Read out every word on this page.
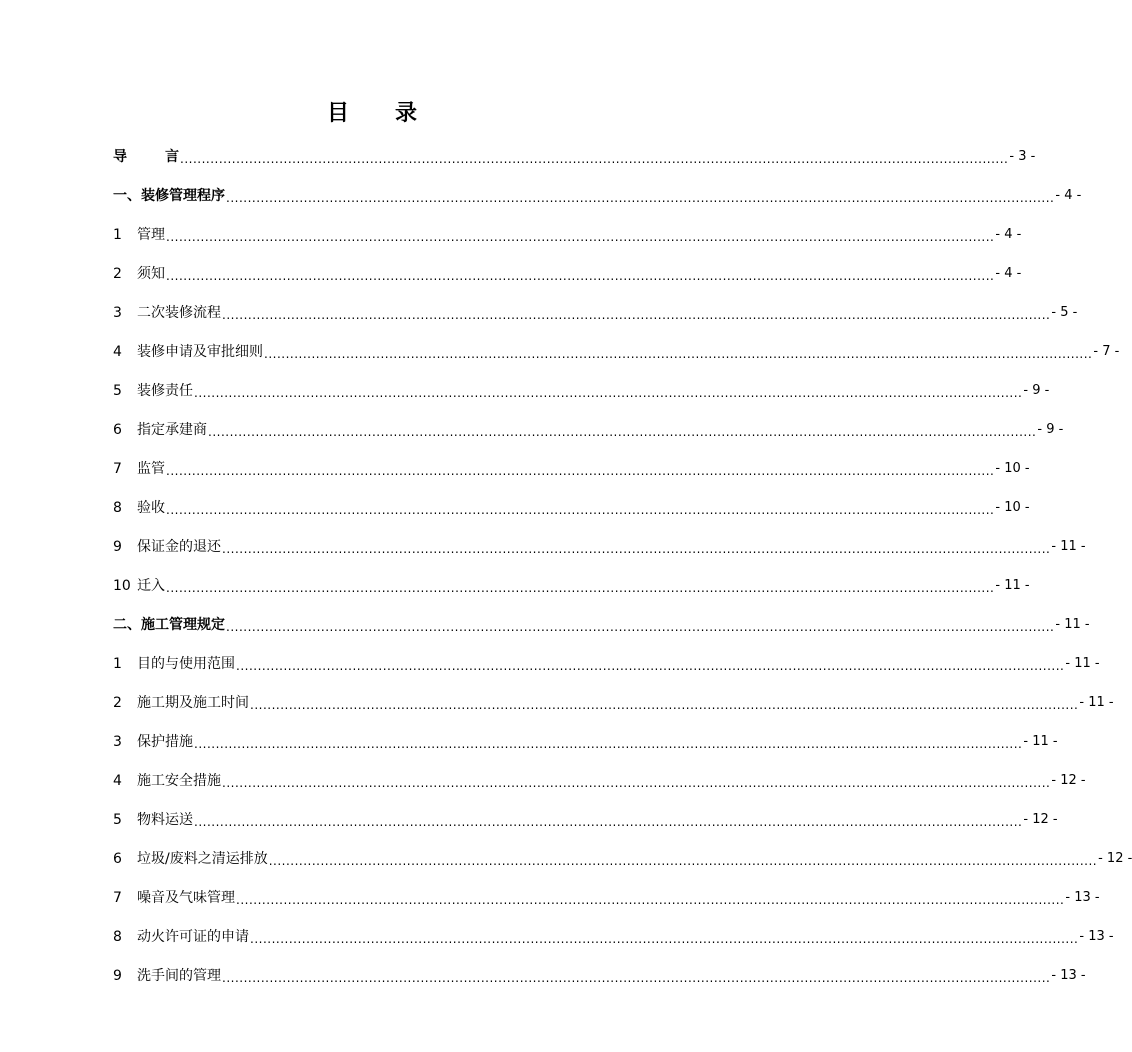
目 录
导	言 ................................................................................................................................................................................................ - 3 -
一、装修管理程序 ................................................................................................................................................................................................ - 4 -
1	管理 ................................................................................................................................................................................................ - 4 -
2	须知 ................................................................................................................................................................................................ - 4 -
3	二次装修流程 ................................................................................................................................................................................................ - 5 -
4	装修申请及审批细则 ................................................................................................................................................................................................ - 7 -
5	装修责任 ................................................................................................................................................................................................ - 9 -
6	指定承建商 ................................................................................................................................................................................................ - 9 -
7	监管 ................................................................................................................................................................................................ - 10 -
8	验收 ................................................................................................................................................................................................ - 10 -
9	保证金的退还 ................................................................................................................................................................................................ - 11 -
10 迁入 ................................................................................................................................................................................................ - 11 -
二、施工管理规定 ................................................................................................................................................................................................ - 11 -
1	目的与使用范围 ................................................................................................................................................................................................ - 11 -
2	施工期及施工时间 ................................................................................................................................................................................................ - 11 -
3	保护措施 ................................................................................................................................................................................................ - 11 -
4	施工安全措施 ................................................................................................................................................................................................ - 12 -
5	物料运送 ................................................................................................................................................................................................ - 12 -
6	垃圾/废料之清运排放 ................................................................................................................................................................................................ - 12 -
7	噪音及气味管理 ................................................................................................................................................................................................ - 13 -
8	动火许可证的申请 ................................................................................................................................................................................................ - 13 -
9	洗手间的管理 ................................................................................................................................................................................................ - 13 -
